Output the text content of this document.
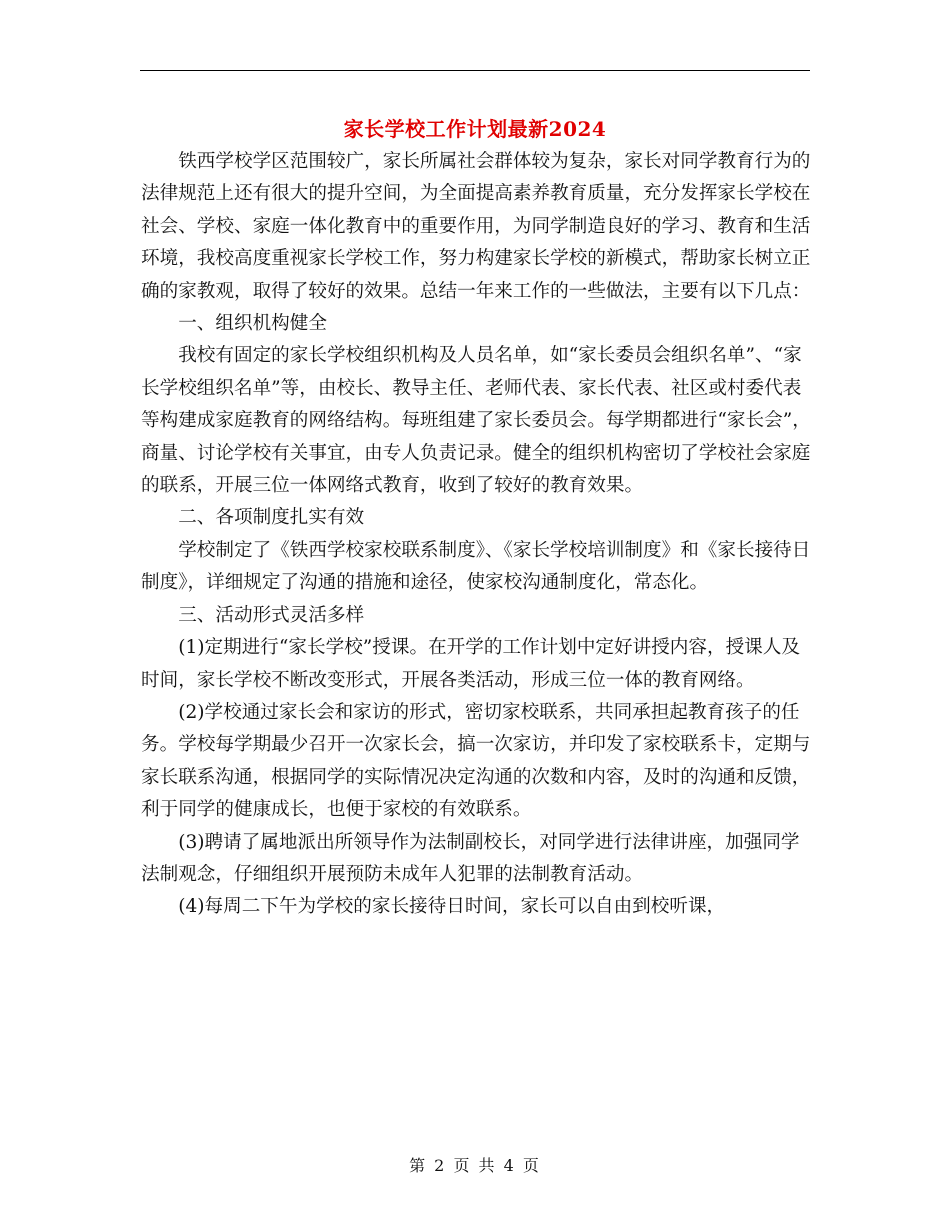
家长学校工作计划最新2024

铁西学校学区范围较广，家长所属社会群体较为复杂，家长对同学教育行为的法律规范上还有很大的提升空间，为全面提高素养教育质量，充分发挥家长学校在社会、学校、家庭一体化教育中的重要作用，为同学制造良好的学习、教育和生活环境，我校高度重视家长学校工作，努力构建家长学校的新模式，帮助家长树立正确的家教观，取得了较好的效果。总结一年来工作的一些做法，主要有以下几点：

一、组织机构健全

我校有固定的家长学校组织机构及人员名单，如“家长委员会组织名单”、“家长学校组织名单”等，由校长、教导主任、老师代表、家长代表、社区或村委代表等构建成家庭教育的网络结构。每班组建了家长委员会。每学期都进行“家长会”，商量、讨论学校有关事宜，由专人负责记录。健全的组织机构密切了学校社会家庭的联系，开展三位一体网络式教育，收到了较好的教育效果。

二、各项制度扎实有效

学校制定了《铁西学校家校联系制度》、《家长学校培训制度》和《家长接待日制度》，详细规定了沟通的措施和途径，使家校沟通制度化，常态化。

三、活动形式灵活多样

(1)定期进行“家长学校”授课。在开学的工作计划中定好讲授内容，授课人及时间，家长学校不断改变形式，开展各类活动，形成三位一体的教育网络。

(2)学校通过家长会和家访的形式，密切家校联系，共同承担起教育孩子的任务。学校每学期最少召开一次家长会，搞一次家访，并印发了家校联系卡，定期与家长联系沟通，根据同学的实际情况决定沟通的次数和内容，及时的沟通和反馈，利于同学的健康成长，也便于家校的有效联系。

(3)聘请了属地派出所领导作为法制副校长，对同学进行法律讲座，加强同学法制观念，仔细组织开展预防未成年人犯罪的法制教育活动。

(4)每周二下午为学校的家长接待日时间，家长可以自由到校听课，

第 2 页 共 4 页
